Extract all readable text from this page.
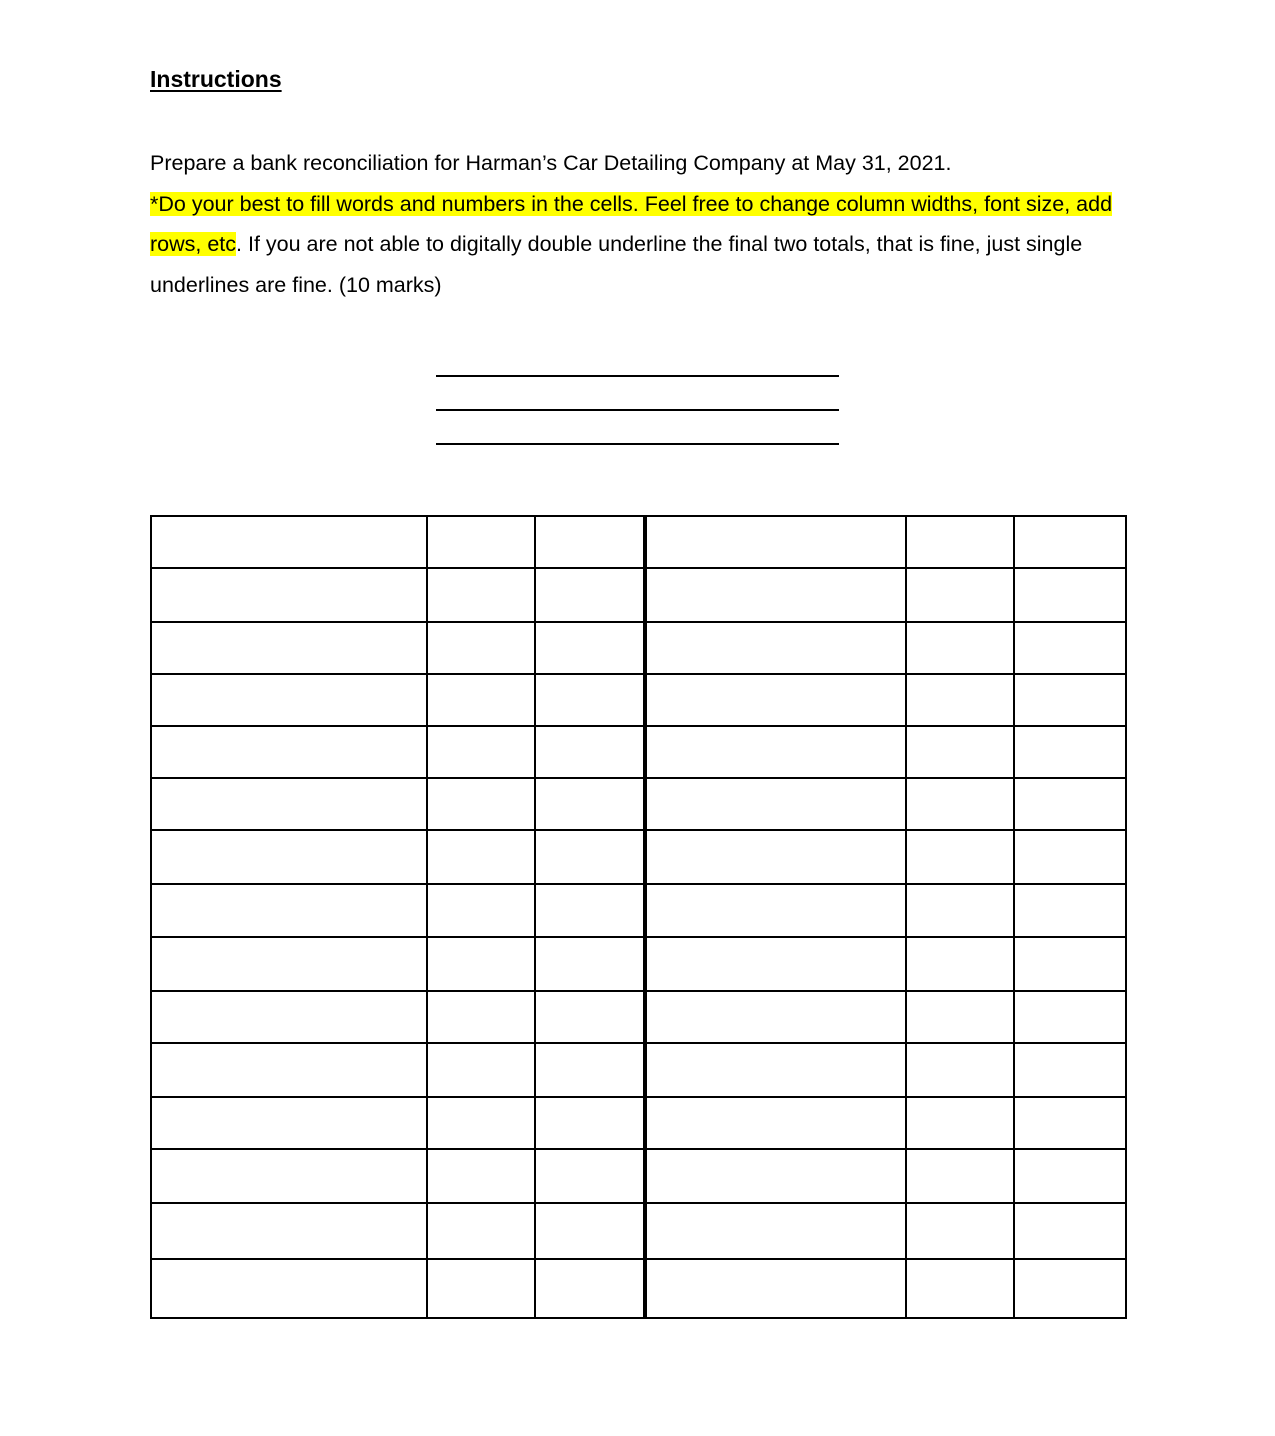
Instructions

Prepare a bank reconciliation for Harman’s Car Detailing Company at May 31, 2021.

*Do your best to fill words and numbers in the cells. Feel free to change column widths, font size, add rows, etc. If you are not able to digitally double underline the final two totals, that is fine, just single underlines are fine. (10 marks)
